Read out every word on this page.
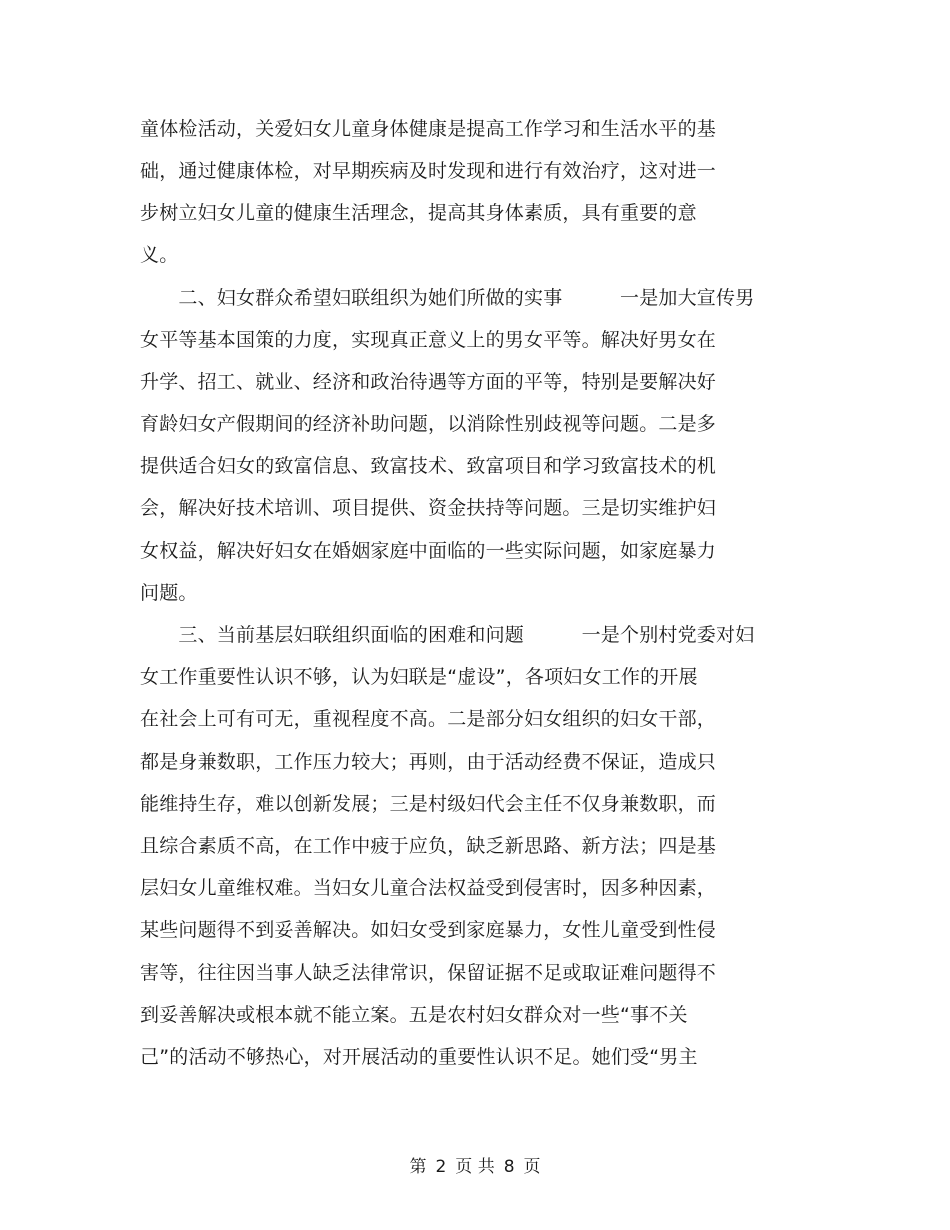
童体检活动，关爱妇女儿童身体健康是提高工作学习和生活水平的基
础，通过健康体检，对早期疾病及时发现和进行有效治疗，这对进一
步树立妇女儿童的健康生活理念，提高其身体素质，具有重要的意
义。
　　二、妇女群众希望妇联组织为她们所做的实事　　　一是加大宣传男
女平等基本国策的力度，实现真正意义上的男女平等。解决好男女在
升学、招工、就业、经济和政治待遇等方面的平等，特别是要解决好
育龄妇女产假期间的经济补助问题，以消除性别歧视等问题。二是多
提供适合妇女的致富信息、致富技术、致富项目和学习致富技术的机
会，解决好技术培训、项目提供、资金扶持等问题。三是切实维护妇
女权益，解决好妇女在婚姻家庭中面临的一些实际问题，如家庭暴力
问题。
　　三、当前基层妇联组织面临的困难和问题　　　一是个别村党委对妇
女工作重要性认识不够，认为妇联是“虚设”，各项妇女工作的开展
在社会上可有可无，重视程度不高。二是部分妇女组织的妇女干部，
都是身兼数职，工作压力较大；再则，由于活动经费不保证，造成只
能维持生存，难以创新发展；三是村级妇代会主任不仅身兼数职，而
且综合素质不高，在工作中疲于应负，缺乏新思路、新方法；四是基
层妇女儿童维权难。当妇女儿童合法权益受到侵害时，因多种因素，
某些问题得不到妥善解决。如妇女受到家庭暴力，女性儿童受到性侵
害等，往往因当事人缺乏法律常识，保留证据不足或取证难问题得不
到妥善解决或根本就不能立案。五是农村妇女群众对一些“事不关
己”的活动不够热心，对开展活动的重要性认识不足。她们受“男主
第 2 页 共 8 页
